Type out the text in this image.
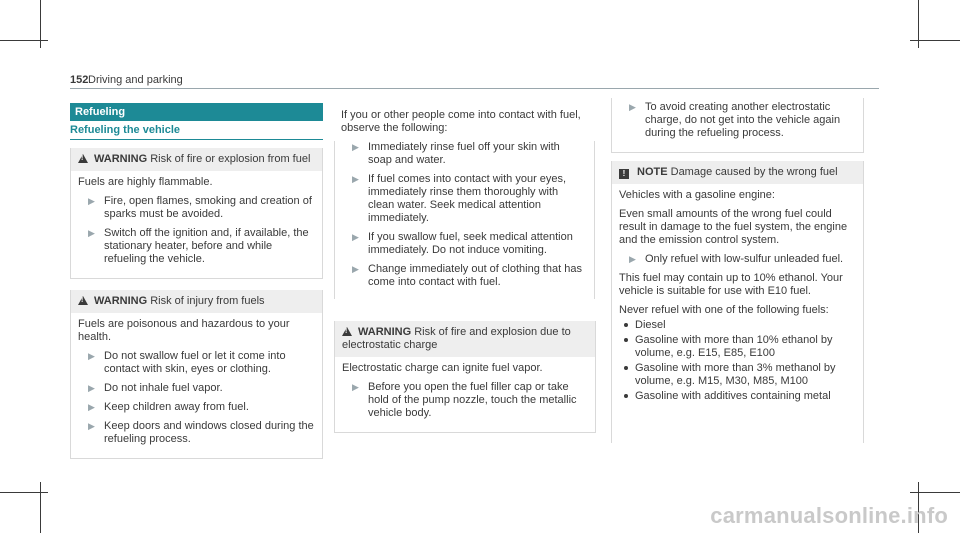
152 Driving and parking
Refueling
Refueling the vehicle
!WARNING Risk of fire or explosion from fuel
Fuels are highly flammable.
▶ Fire, open flames, smoking and creation of sparks must be avoided.
▶ Switch off the ignition and, if available, the stationary heater, before and while refueling the vehicle.
!WARNING Risk of injury from fuels
Fuels are poisonous and hazardous to your health.
▶ Do not swallow fuel or let it come into contact with skin, eyes or clothing.
▶ Do not inhale fuel vapor.
▶ Keep children away from fuel.
▶ Keep doors and windows closed during the refueling process.
If you or other people come into contact with fuel, observe the following:
▶ Immediately rinse fuel off your skin with soap and water.
▶ If fuel comes into contact with your eyes, immediately rinse them thoroughly with clean water. Seek medical attention immediately.
▶ If you swallow fuel, seek medical attention immediately. Do not induce vomiting.
▶ Change immediately out of clothing that has come into contact with fuel.
!WARNING Risk of fire and explosion due to electrostatic charge
Electrostatic charge can ignite fuel vapor.
▶ Before you open the fuel filler cap or take hold of the pump nozzle, touch the metallic vehicle body.
▶ To avoid creating another electrostatic charge, do not get into the vehicle again during the refueling process.
! NOTE Damage caused by the wrong fuel
Vehicles with a gasoline engine:
Even small amounts of the wrong fuel could result in damage to the fuel system, the engine and the emission control system.
▶ Only refuel with low-sulfur unleaded fuel.
This fuel may contain up to 10% ethanol. Your vehicle is suitable for use with E10 fuel.
Never refuel with one of the following fuels:
Diesel
Gasoline with more than 10% ethanol by volume, e.g. E15, E85, E100
Gasoline with more than 3% methanol by volume, e.g. M15, M30, M85, M100
Gasoline with additives containing metal
carmanualsonline.info
